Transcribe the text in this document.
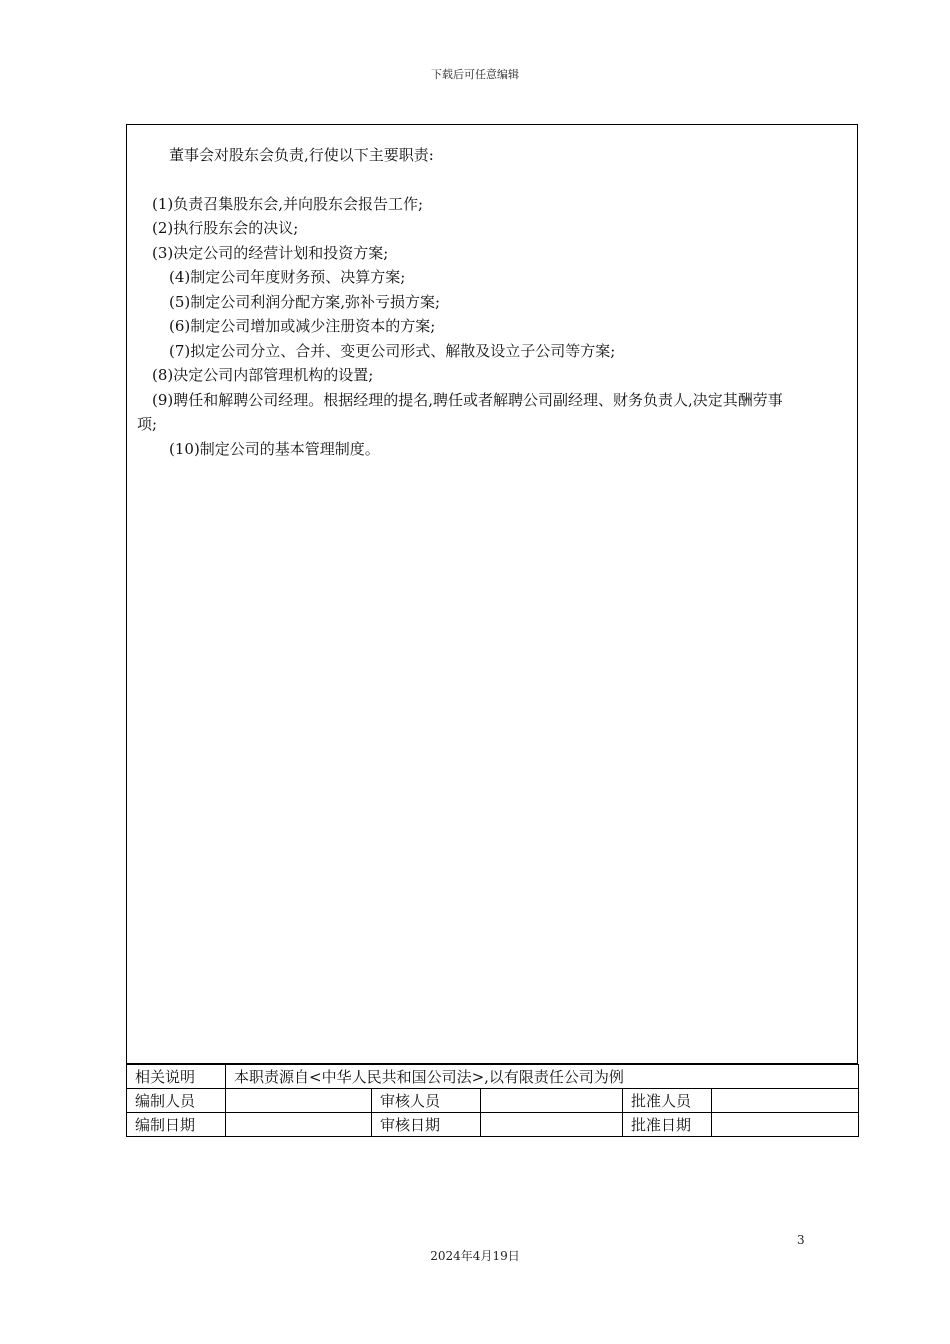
下载后可任意编辑
董事会对股东会负责,行使以下主要职责:
(1)负责召集股东会,并向股东会报告工作;
(2)执行股东会的决议;
(3)决定公司的经营计划和投资方案;
(4)制定公司年度财务预、决算方案;
(5)制定公司利润分配方案,弥补亏损方案;
(6)制定公司增加或减少注册资本的方案;
(7)拟定公司分立、合并、变更公司形式、解散及设立子公司等方案;
(8)决定公司内部管理机构的设置;
(9)聘任和解聘公司经理。根据经理的提名,聘任或者解聘公司副经理、财务负责人,决定其酬劳事
项;
(10)制定公司的基本管理制度。
相关说明	本职责源自<中华人民共和国公司法>,以有限责任公司为例				
编制人员		审核人员		批准人员	
编制日期		审核日期		批准日期	
3
2024年4月19日
